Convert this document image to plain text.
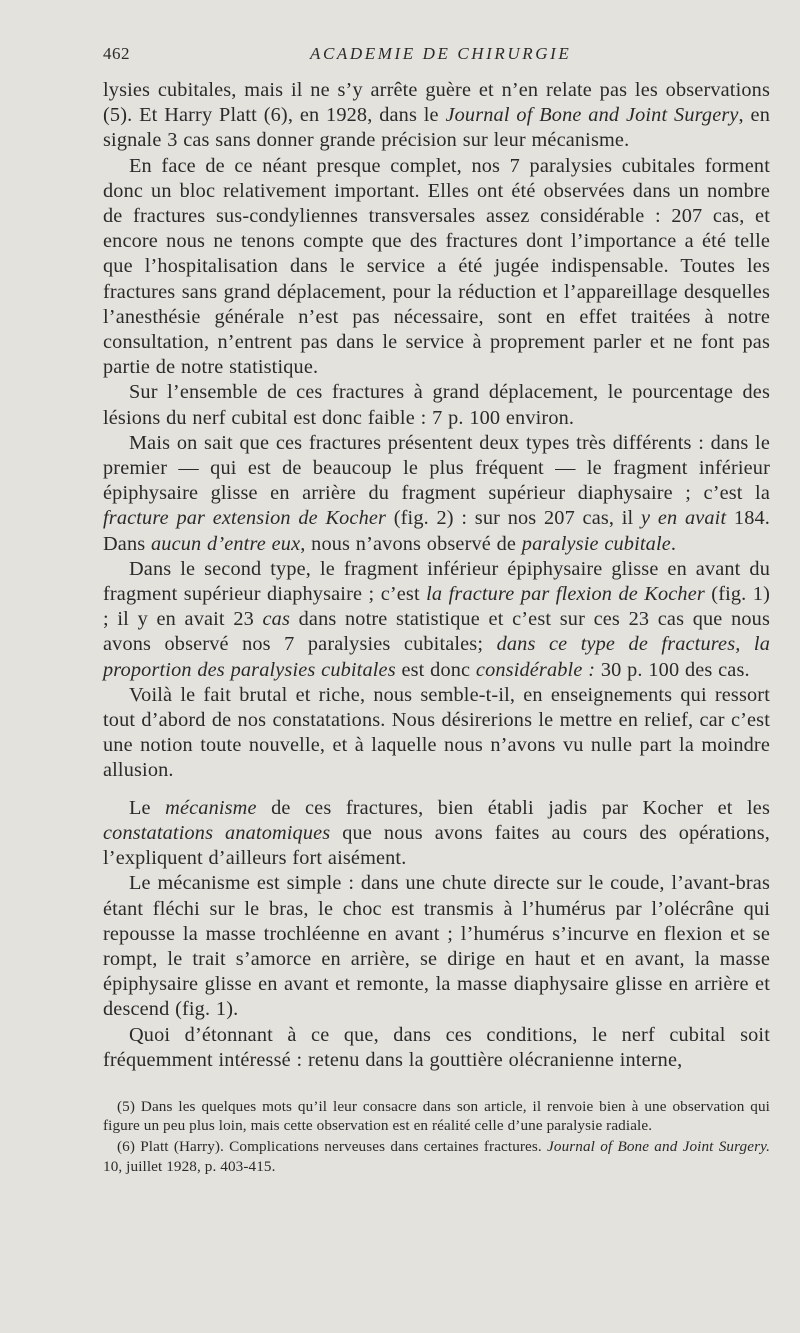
462	ACADEMIE DE CHIRURGIE

lysies cubitales, mais il ne s’y arrête guère et n’en relate pas les observations (5). Et Harry Platt (6), en 1928, dans le Journal of Bone and Joint Surgery, en signale 3 cas sans donner grande précision sur leur mécanisme.

En face de ce néant presque complet, nos 7 paralysies cubitales forment donc un bloc relativement important. Elles ont été observées dans un nombre de fractures sus-condyliennes transversales assez considérable : 207 cas, et encore nous ne tenons compte que des fractures dont l’importance a été telle que l’hospitalisation dans le service a été jugée indispensable. Toutes les fractures sans grand déplacement, pour la réduction et l’appareillage desquelles l’anesthésie générale n’est pas nécessaire, sont en effet traitées à notre consultation, n’entrent pas dans le service à proprement parler et ne font pas partie de notre statistique.

Sur l’ensemble de ces fractures à grand déplacement, le pourcentage des lésions du nerf cubital est donc faible : 7 p. 100 environ.

Mais on sait que ces fractures présentent deux types très différents : dans le premier — qui est de beaucoup le plus fréquent — le fragment inférieur épiphysaire glisse en arrière du fragment supérieur diaphysaire ; c’est la fracture par extension de Kocher (fig. 2) : sur nos 207 cas, il y en avait 184. Dans aucun d’entre eux, nous n’avons observé de paralysie cubitale.

Dans le second type, le fragment inférieur épiphysaire glisse en avant du fragment supérieur diaphysaire ; c’est la fracture par flexion de Kocher (fig. 1) ; il y en avait 23 cas dans notre statistique et c’est sur ces 23 cas que nous avons observé nos 7 paralysies cubitales; dans ce type de fractures, la proportion des paralysies cubitales est donc considérable : 30 p. 100 des cas.

Voilà le fait brutal et riche, nous semble-t-il, en enseignements qui ressort tout d’abord de nos constatations. Nous désirerions le mettre en relief, car c’est une notion toute nouvelle, et à laquelle nous n’avons vu nulle part la moindre allusion.

Le mécanisme de ces fractures, bien établi jadis par Kocher et les constatations anatomiques que nous avons faites au cours des opérations, l’expliquent d’ailleurs fort aisément.

Le mécanisme est simple : dans une chute directe sur le coude, l’avant-bras étant fléchi sur le bras, le choc est transmis à l’humérus par l’olécrâne qui repousse la masse trochléenne en avant ; l’humérus s’incurve en flexion et se rompt, le trait s’amorce en arrière, se dirige en haut et en avant, la masse épiphysaire glisse en avant et remonte, la masse diaphysaire glisse en arrière et descend (fig. 1).

Quoi d’étonnant à ce que, dans ces conditions, le nerf cubital soit fréquemment intéressé : retenu dans la gouttière olécranienne interne,

(5) Dans les quelques mots qu’il leur consacre dans son article, il renvoie bien à une observation qui figure un peu plus loin, mais cette observation est en réalité celle d’une paralysie radiale.

(6) Platt (Harry). Complications nerveuses dans certaines fractures. Journal of Bone and Joint Surgery. 10, juillet 1928, p. 403-415.
